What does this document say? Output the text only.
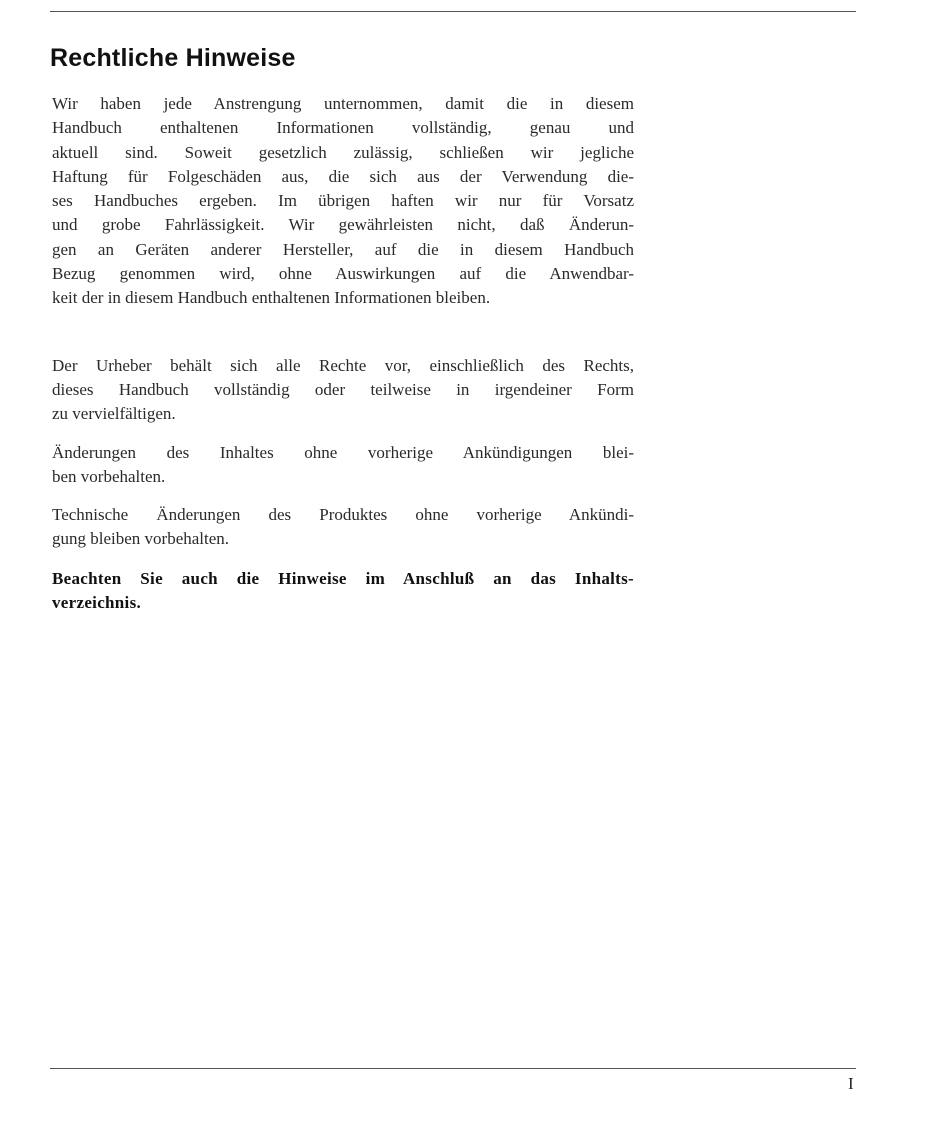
Rechtliche Hinweise

Wir haben jede Anstrengung unternommen, damit die in diesem
Handbuch enthaltenen Informationen vollständig, genau und
aktuell sind. Soweit gesetzlich zulässig, schließen wir jegliche
Haftung für Folgeschäden aus, die sich aus der Verwendung die-
ses Handbuches ergeben. Im übrigen haften wir nur für Vorsatz
und grobe Fahrlässigkeit. Wir gewährleisten nicht, daß Änderun-
gen an Geräten anderer Hersteller, auf die in diesem Handbuch
Bezug genommen wird, ohne Auswirkungen auf die Anwendbar-
keit der in diesem Handbuch enthaltenen Informationen bleiben.

Der Urheber behält sich alle Rechte vor, einschließlich des Rechts,
dieses Handbuch vollständig oder teilweise in irgendeiner Form
zu vervielfältigen.

Änderungen des Inhaltes ohne vorherige Ankündigungen blei-
ben vorbehalten.

Technische Änderungen des Produktes ohne vorherige Ankündi-
gung bleiben vorbehalten.

Beachten Sie auch die Hinweise im Anschluß an das Inhalts-
verzeichnis.

I
